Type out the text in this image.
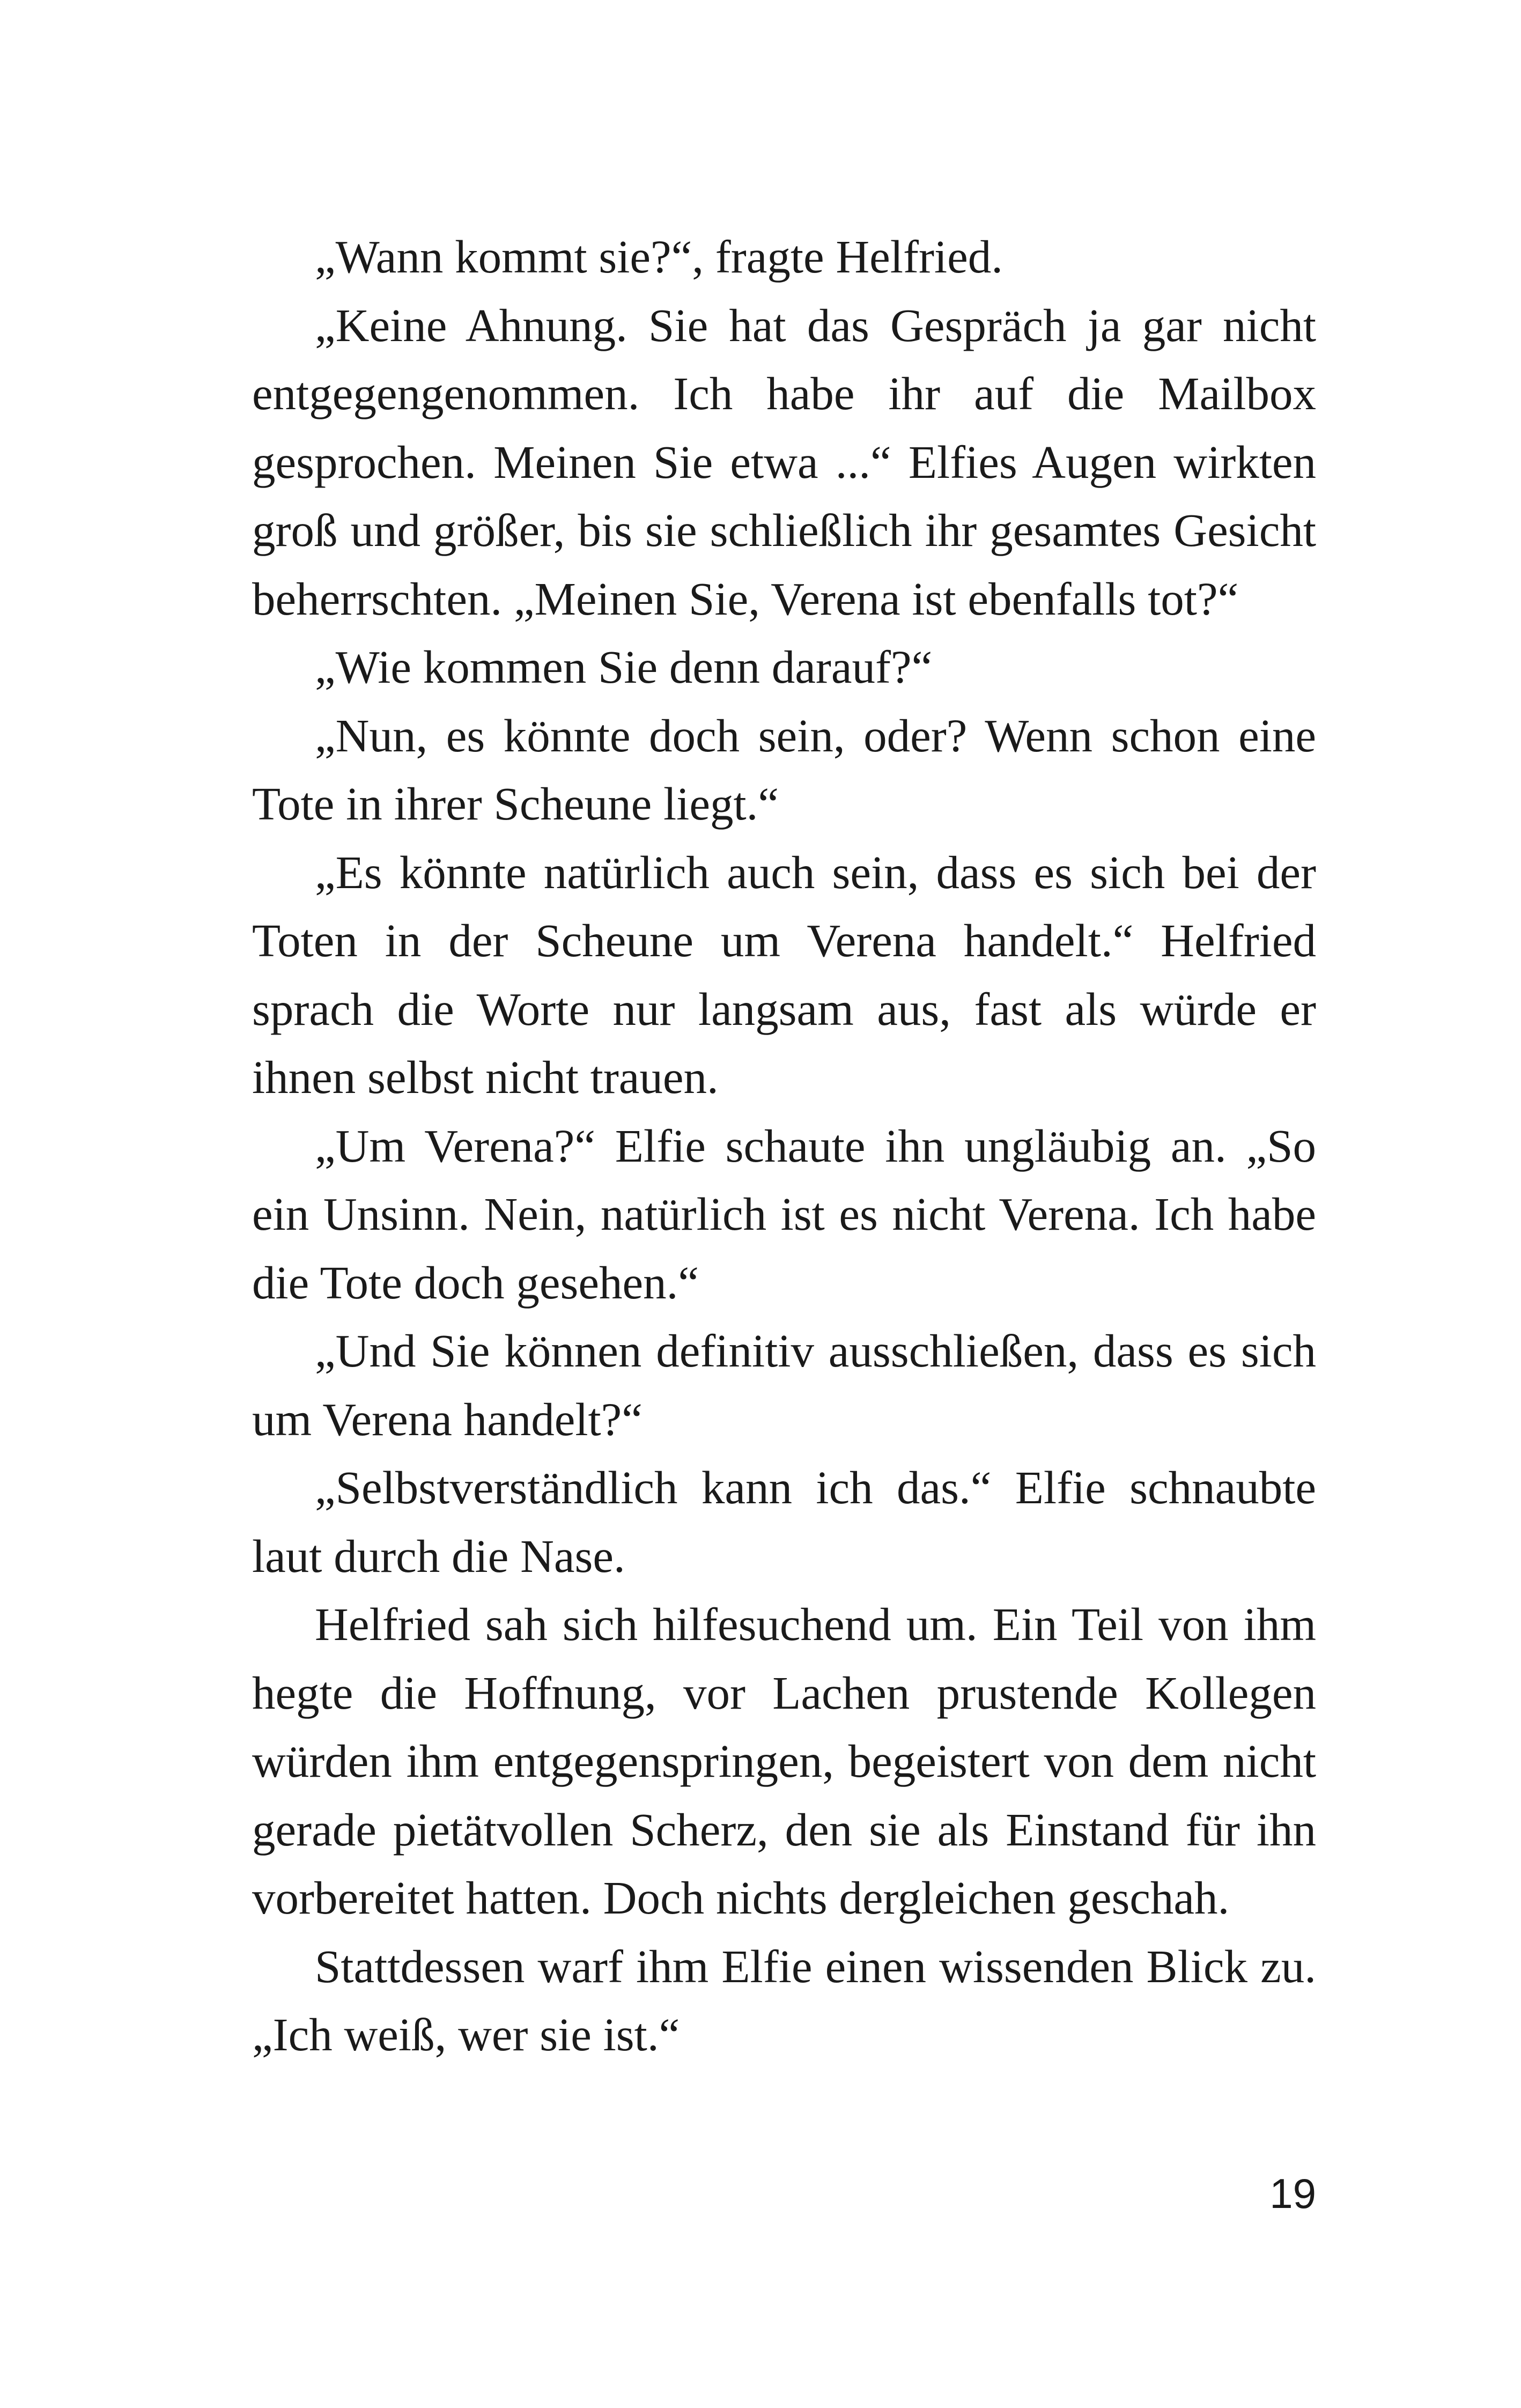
„Wann kommt sie?“, fragte Helfried.

„Keine Ahnung. Sie hat das Gespräch ja gar nicht entgegengenommen. Ich habe ihr auf die Mailbox gesprochen. Meinen Sie etwa ...“ Elfies Augen wirkten groß und größer, bis sie schließlich ihr gesamtes Gesicht beherrschten. „Meinen Sie, Verena ist ebenfalls tot?“

„Wie kommen Sie denn darauf?“

„Nun, es könnte doch sein, oder? Wenn schon eine Tote in ihrer Scheune liegt.“

„Es könnte natürlich auch sein, dass es sich bei der Toten in der Scheune um Verena handelt.“ Helfried sprach die Worte nur langsam aus, fast als würde er ihnen selbst nicht trauen.

„Um Verena?“ Elfie schaute ihn ungläubig an. „So ein Unsinn. Nein, natürlich ist es nicht Verena. Ich habe die Tote doch gesehen.“

„Und Sie können definitiv ausschließen, dass es sich um Verena handelt?“

„Selbstverständlich kann ich das.“ Elfie schnaubte laut durch die Nase.

Helfried sah sich hilfesuchend um. Ein Teil von ihm hegte die Hoffnung, vor Lachen prustende Kollegen würden ihm entgegenspringen, begeistert von dem nicht gerade pietätvollen Scherz, den sie als Einstand für ihn vorbereitet hatten. Doch nichts dergleichen geschah.

Stattdessen warf ihm Elfie einen wissenden Blick zu. „Ich weiß, wer sie ist.“

19
